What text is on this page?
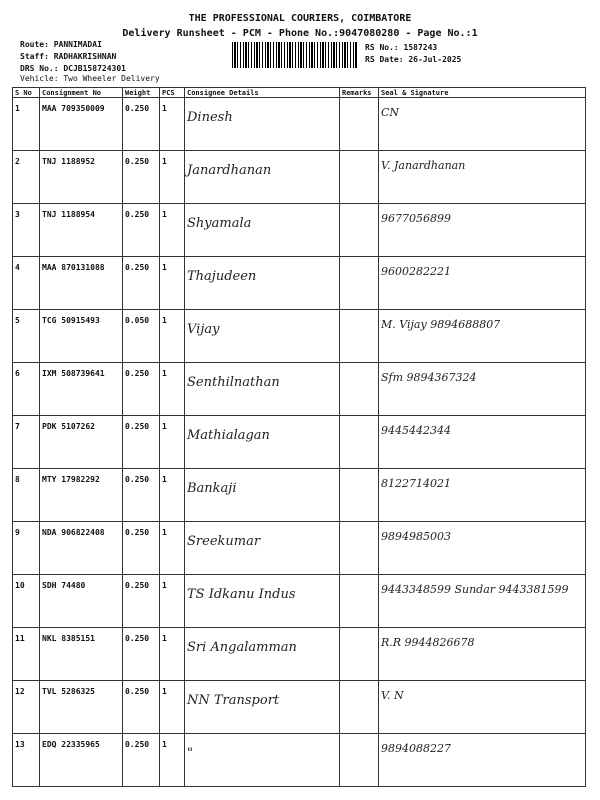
THE PROFESSIONAL COURIERS, COIMBATORE
Delivery Runsheet - PCM - Phone No.:9047080280 - Page No.:1
Route: PANNIMADAI
Staff: RADHAKRISHNAN
DRS No.: DCJB158724301
Vehicle: Two Wheeler Delivery
RS No.: 1587243
RS Date: 26-Jul-2025
S No	Consignment No	Weight	PCS	Consignee Details	Remarks	Seal & Signature
1	MAA 709350009	0.250	1	Dinesh		CN
2	TNJ 1188952	0.250	1	Janardhanan		V. Janardhanan
3	TNJ 1188954	0.250	1	Shyamala		9677056899
4	MAA 870131088	0.250	1	Thajudeen		9600282221
5	TCG 50915493	0.050	1	Vijay		M. Vijay 9894688807
6	IXM 508739641	0.250	1	Senthilnathan		Sfm 9894367324
7	PDK 5107262	0.250	1	Mathialagan		9445442344
8	MTY 17982292	0.250	1	Bankaji		8122714021
9	NDA 906822408	0.250	1	Sreekumar		9894985003
10	SDH 74480	0.250	1	TS Idkanu Indus		9443348599 Sundar 9443381599
11	NKL 8385151	0.250	1	Sri Angalamman		R.R 9944826678
12	TVL 5286325	0.250	1	NN Transport		V. N
13	EDQ 22335965	0.250	1	"		9894088227
